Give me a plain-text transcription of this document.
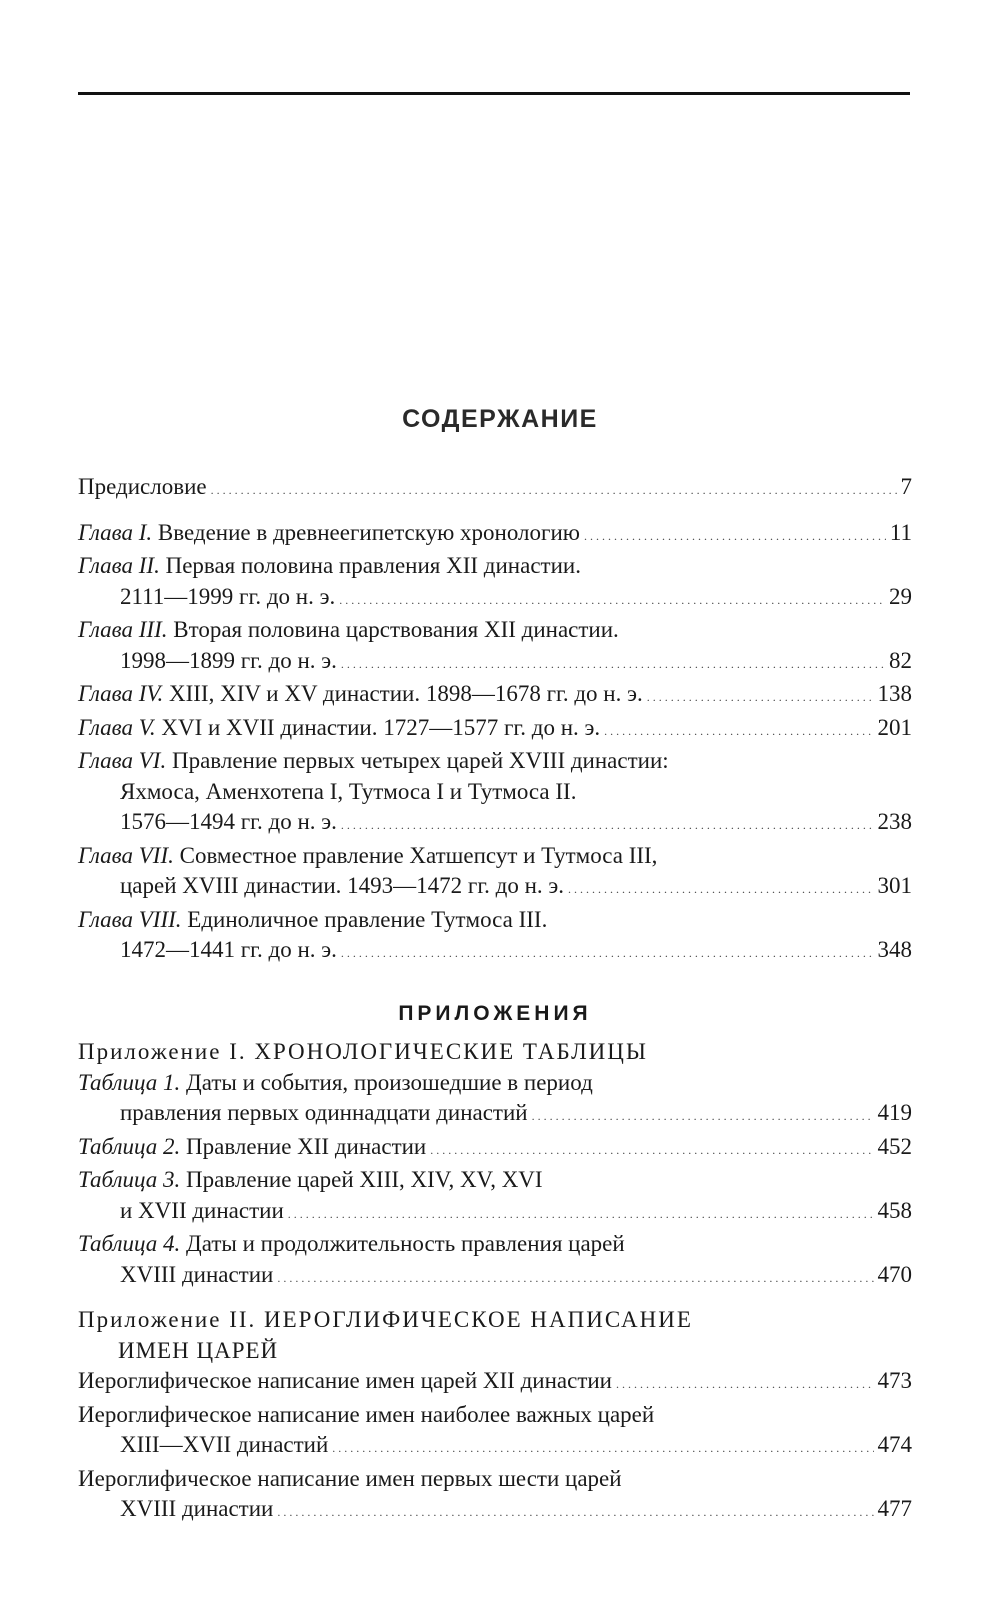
СОДЕРЖАНИЕ
Предисловие . . .	7
Глава I. Введение в древнеегипетскую хронологию . . .	11
Глава II. Первая половина правления XII династии.
2111—1999 гг. до н. э. . . .	29
Глава III. Вторая половина царствования XII династии.
1998—1899 гг. до н. э. . . .	82
Глава IV. XIII, XIV и XV династии. 1898—1678 гг. до н. э. . . .	138
Глава V. XVI и XVII династии. 1727—1577 гг. до н. э. . . .	201
Глава VI. Правление первых четырех царей XVIII династии:
Яхмоса, Аменхотепа I, Тутмоса I и Тутмоса II.
1576—1494 гг. до н. э. . . .	238
Глава VII. Совместное правление Хатшепсут и Тутмоса III,
царей XVIII династии. 1493—1472 гг. до н. э. . . .	301
Глава VIII. Единоличное правление Тутмоса III.
1472—1441 гг. до н. э. . . .	348
ПРИЛОЖЕНИЯ
Приложение I. ХРОНОЛОГИЧЕСКИЕ ТАБЛИЦЫ
Таблица 1. Даты и события, произошедшие в период
правления первых одиннадцати династий . . .	419
Таблица 2. Правление XII династии . . .	452
Таблица 3. Правление царей XIII, XIV, XV, XVI
и XVII династии . . .	458
Таблица 4. Даты и продолжительность правления царей
XVIII династии . . .	470
Приложение II. ИЕРОГЛИФИЧЕСКОЕ НАПИСАНИЕ
ИМЕН ЦАРЕЙ
Иероглифическое написание имен царей XII династии . . .	473
Иероглифическое написание имен наиболее важных царей
XIII—XVII династий . . .	474
Иероглифическое написание имен первых шести царей
XVIII династии . . .	477
